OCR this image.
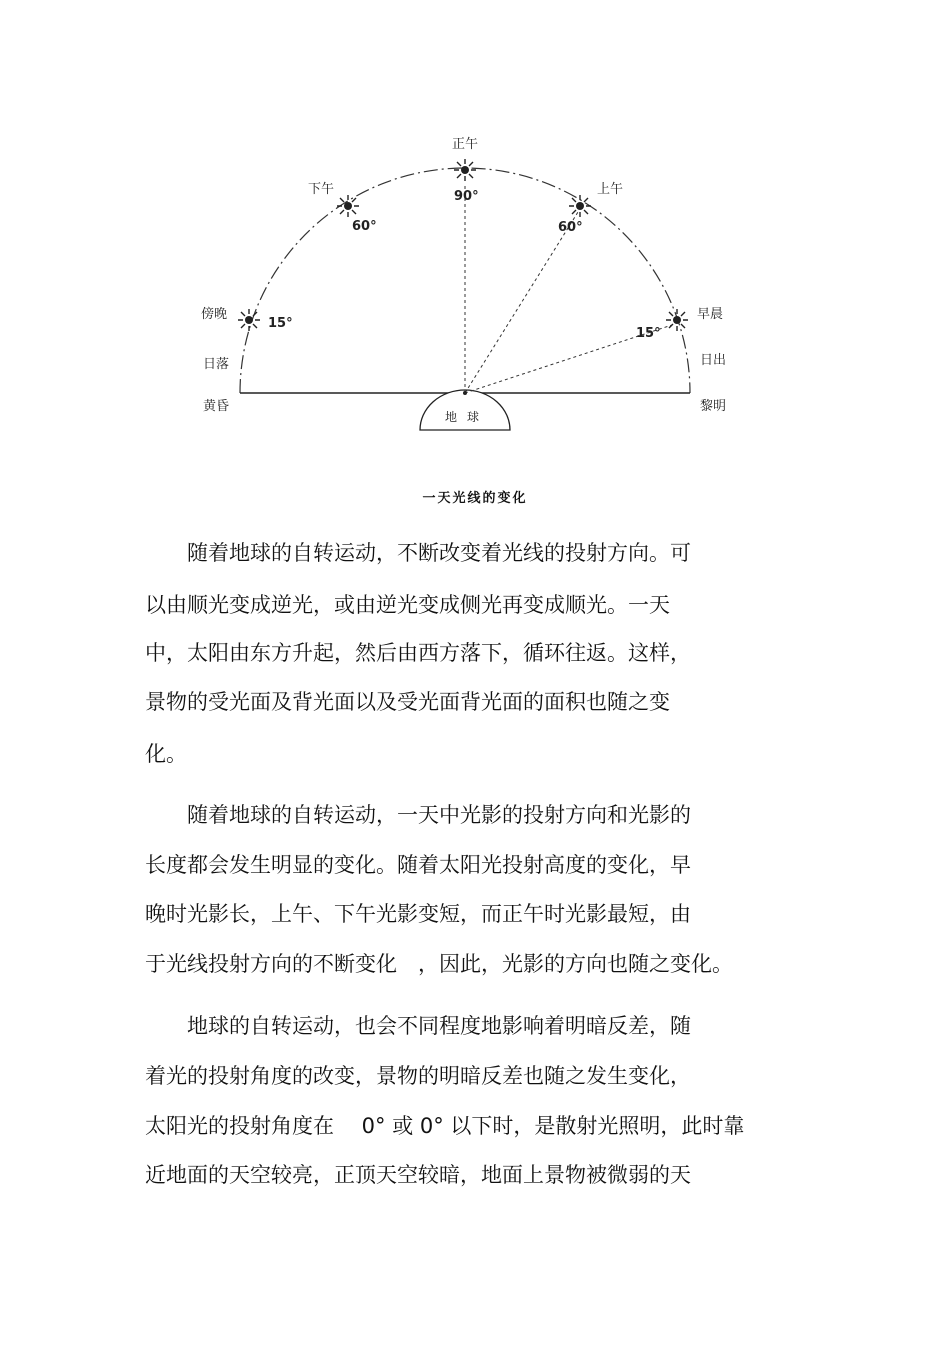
地球
正午
90°
下午
60°
上午
60°
傍晚
15°
早晨
15°
日落	日出
黄昏	黎明
一天光线的变化
　　随着地球的自转运动，不断改变着光线的投射方向。可
以由顺光变成逆光，或由逆光变成侧光再变成顺光。一天
中，太阳由东方升起，然后由西方落下，循环往返。这样，
景物的受光面及背光面以及受光面背光面的面积也随之变
化。
　　随着地球的自转运动，一天中光影的投射方向和光影的
长度都会发生明显的变化。随着太阳光投射高度的变化，早
晚时光影长，上午、下午光影变短，而正午时光影最短，由
于光线投射方向的不断变化　，因此，光影的方向也随之变化。
　　地球的自转运动，也会不同程度地影响着明暗反差，随
着光的投射角度的改变，景物的明暗反差也随之发生变化，
太阳光的投射角度在　 0° 或 0° 以下时，是散射光照明，此时靠
近地面的天空较亮，正顶天空较暗，地面上景物被微弱的天
